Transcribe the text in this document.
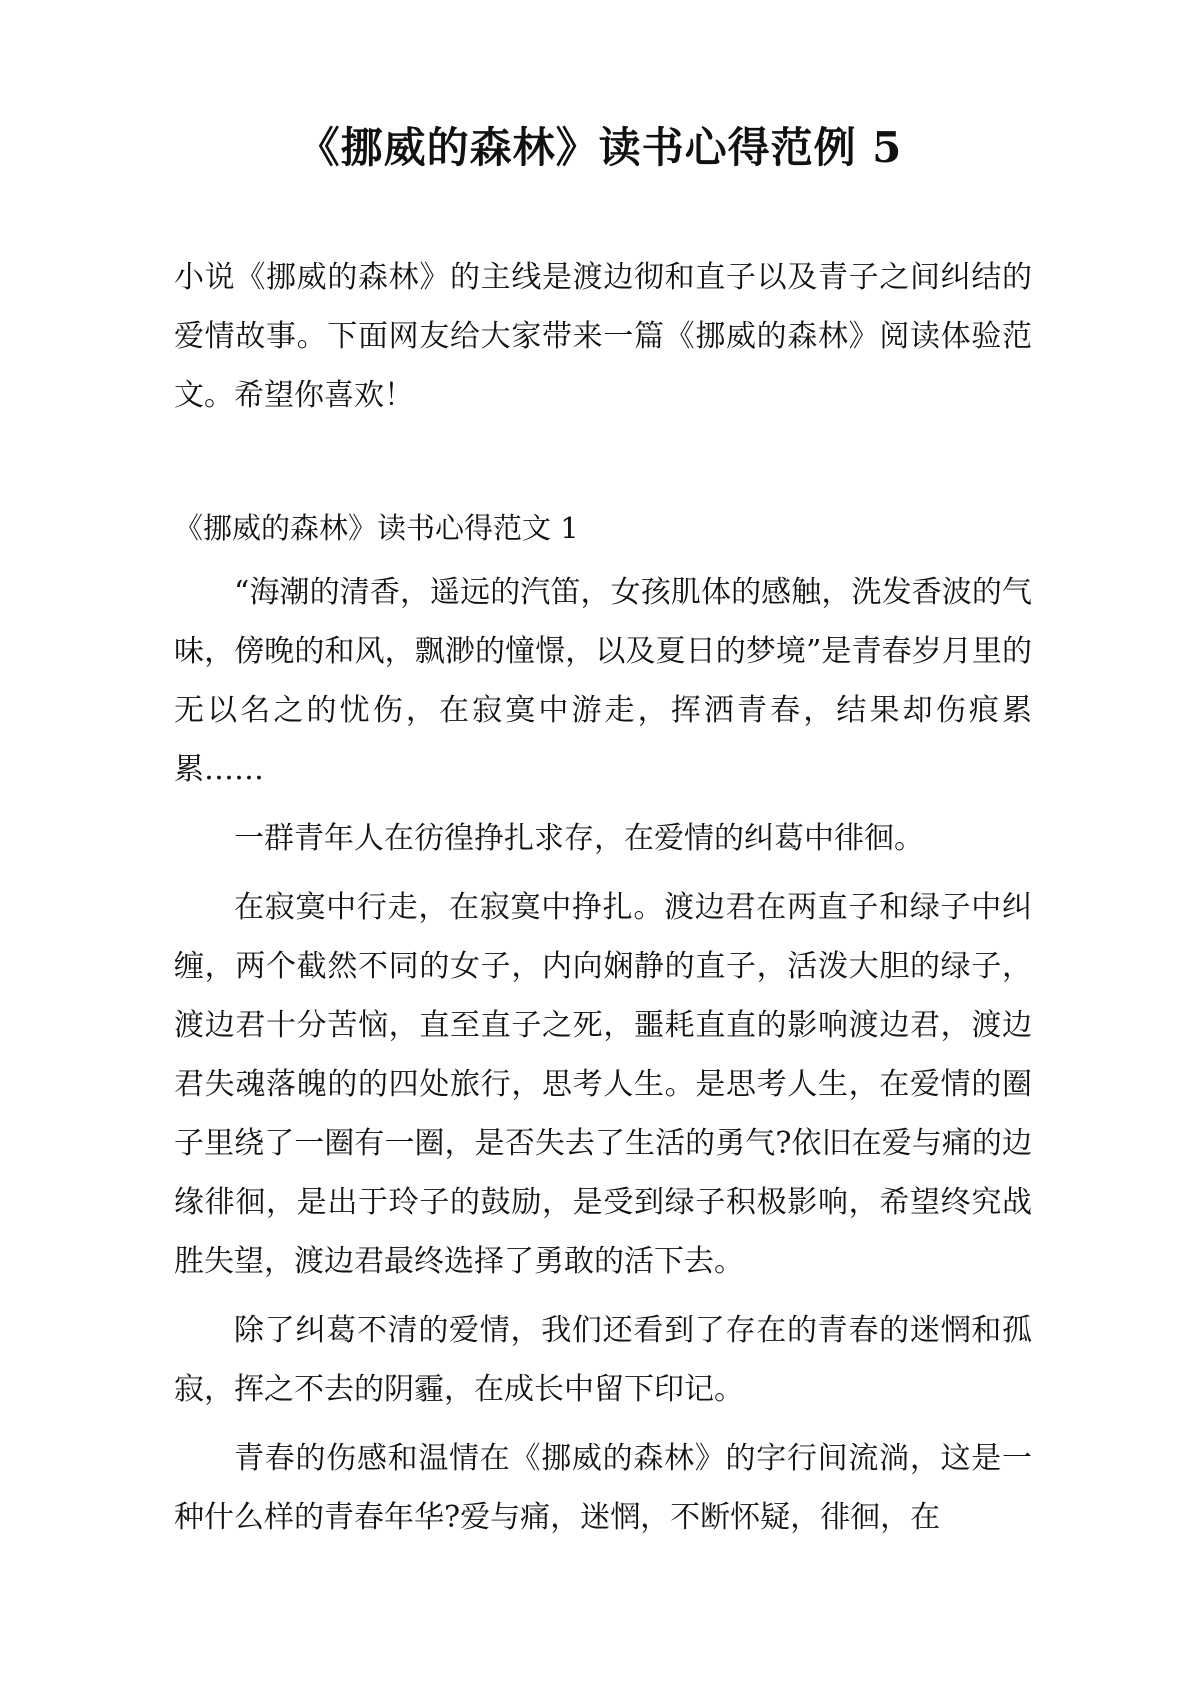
《挪威的森林》读书心得范例 5

小说《挪威的森林》的主线是渡边彻和直子以及青子之间纠结的爱情故事。下面网友给大家带来一篇《挪威的森林》阅读体验范文。希望你喜欢！

《挪威的森林》读书心得范文 1

“海潮的清香，遥远的汽笛，女孩肌体的感触，洗发香波的气味，傍晚的和风，飘渺的憧憬，以及夏日的梦境”是青春岁月里的无以名之的忧伤，在寂寞中游走，挥洒青春，结果却伤痕累累……

一群青年人在彷徨挣扎求存，在爱情的纠葛中徘徊。

在寂寞中行走，在寂寞中挣扎。渡边君在两直子和绿子中纠缠，两个截然不同的女子，内向娴静的直子，活泼大胆的绿子，渡边君十分苦恼，直至直子之死，噩耗直直的影响渡边君，渡边君失魂落魄的的四处旅行，思考人生。是思考人生，在爱情的圈子里绕了一圈有一圈，是否失去了生活的勇气?依旧在爱与痛的边缘徘徊，是出于玲子的鼓励，是受到绿子积极影响，希望终究战胜失望，渡边君最终选择了勇敢的活下去。

除了纠葛不清的爱情，我们还看到了存在的青春的迷惘和孤寂，挥之不去的阴霾，在成长中留下印记。

青春的伤感和温情在《挪威的森林》的字行间流淌，这是一种什么样的青春年华?爱与痛，迷惘，不断怀疑，徘徊，在
